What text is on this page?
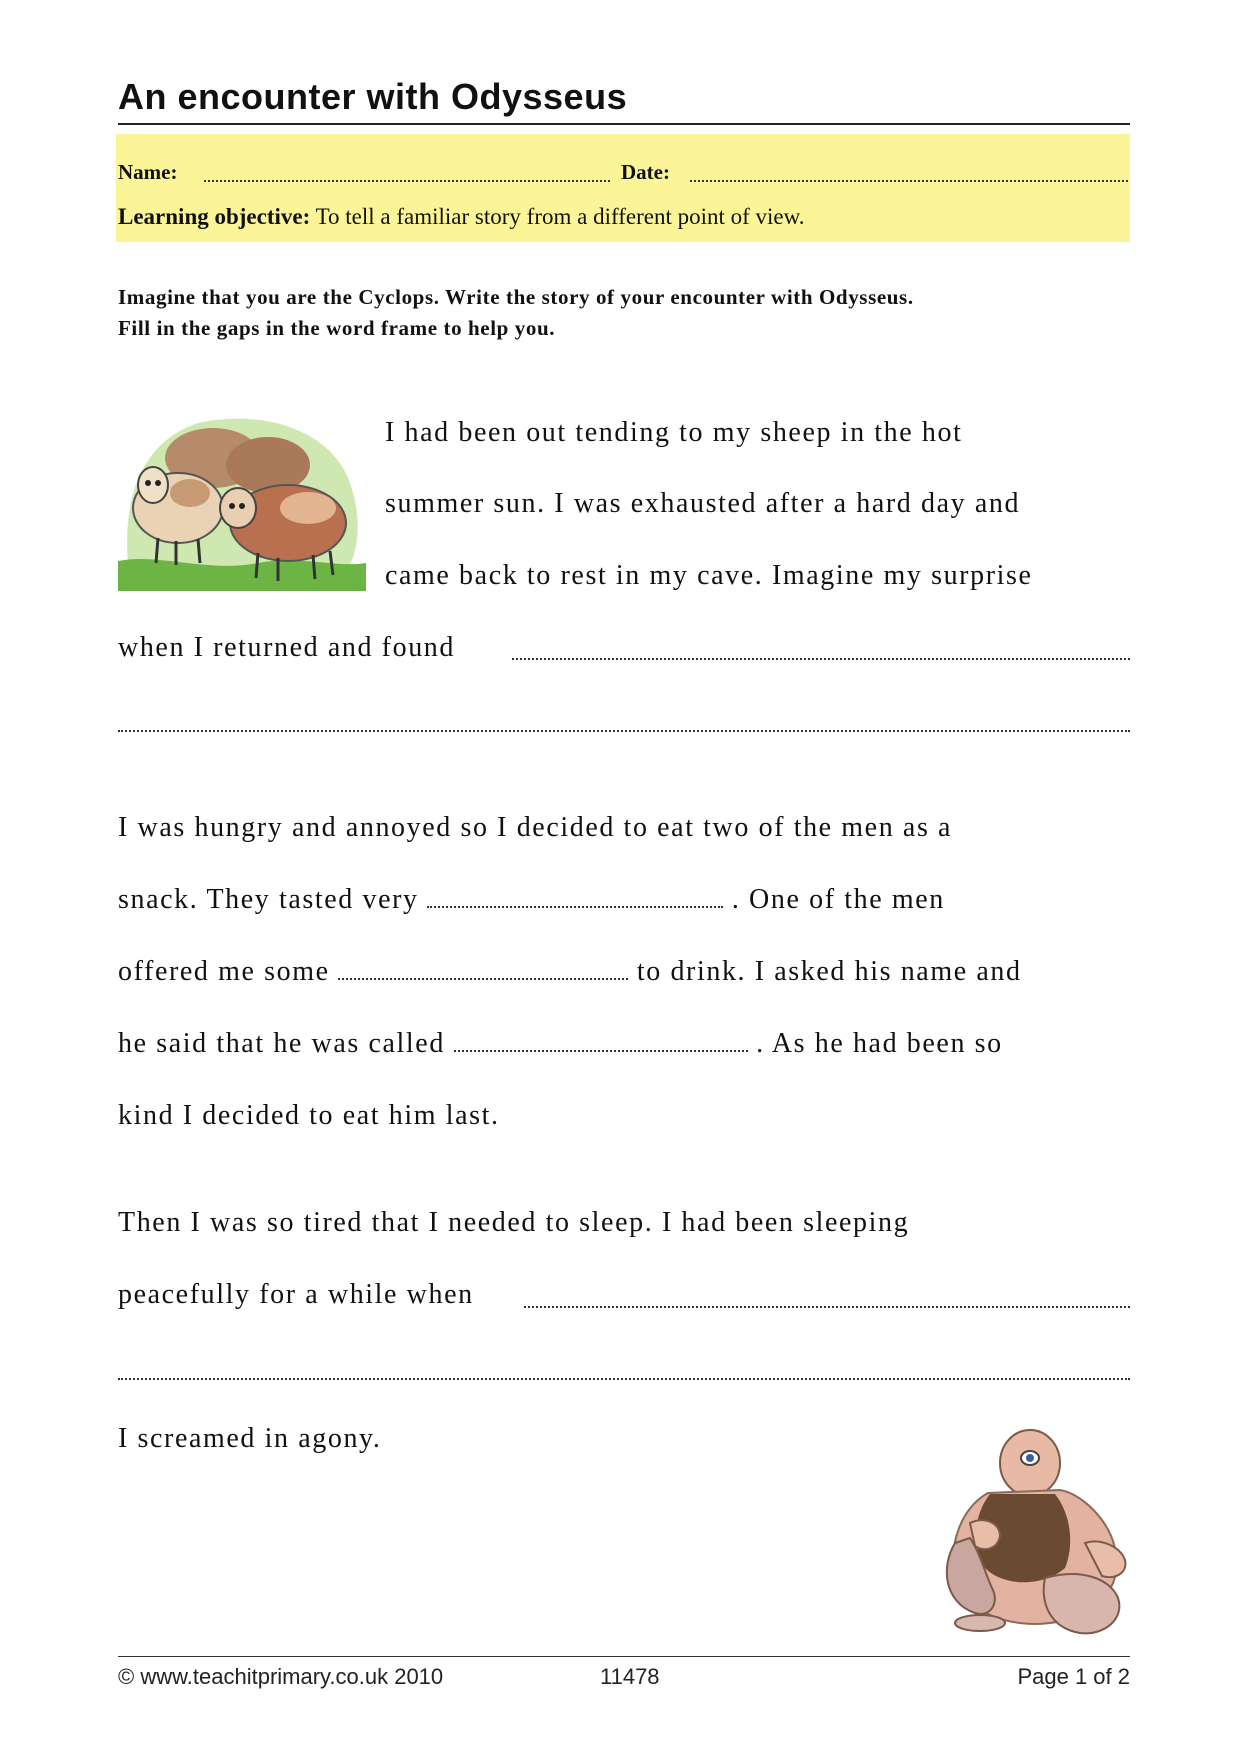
An encounter with Odysseus
Name:	Date:
Learning objective: To tell a familiar story from a different point of view.
Imagine that you are the Cyclops. Write the story of your encounter with Odysseus.
Fill in the gaps in the word frame to help you.
I had been out tending to my sheep in the hot
summer sun. I was exhausted after a hard day and
came back to rest in my cave. Imagine my surprise
when I returned and found
I was hungry and annoyed so I decided to eat two of the men as a
snack. They tasted very	. One of the men
offered me some	to drink. I asked his name and
he said that he was called	. As he had been so
kind I decided to eat him last.
Then I was so tired that I needed to sleep. I had been sleeping
peacefully for a while when
I screamed in agony.
© www.teachitprimary.co.uk 2010	11478	Page 1 of 2
